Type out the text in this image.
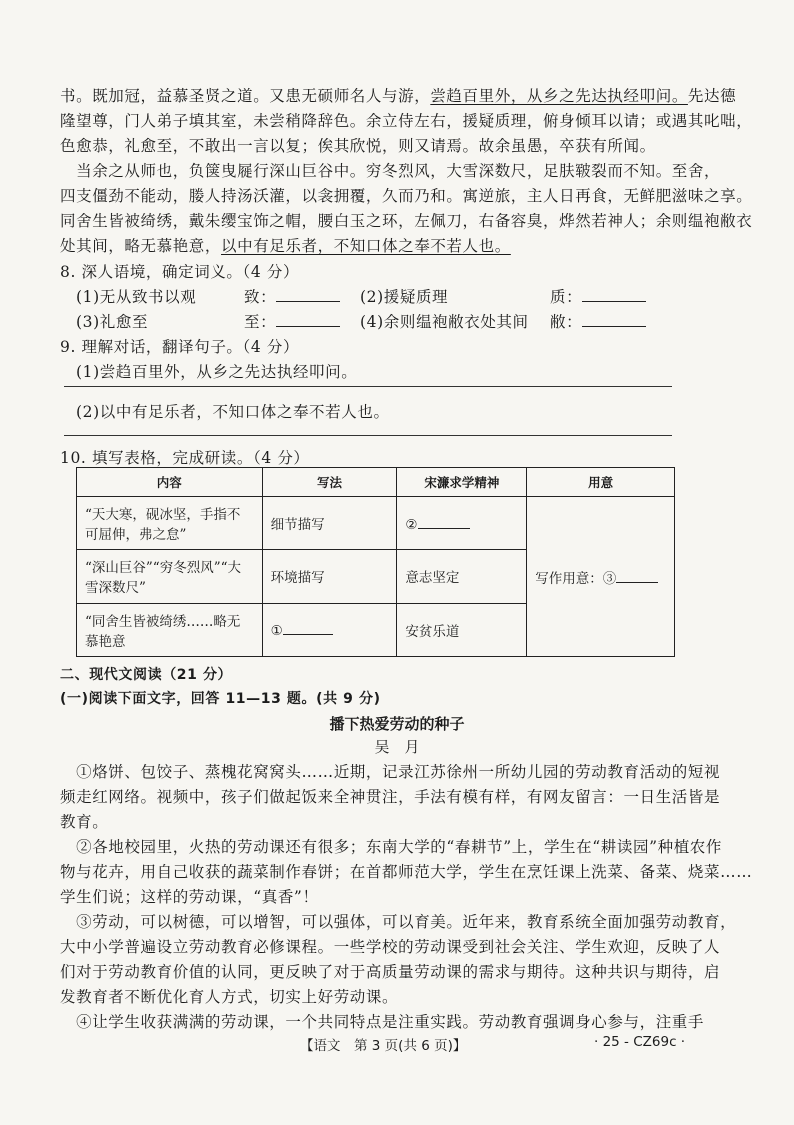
书。既加冠，益慕圣贤之道。又患无硕师名人与游，尝趋百里外，从乡之先达执经叩问。先达德
隆望尊，门人弟子填其室，未尝稍降辞色。余立侍左右，援疑质理，俯身倾耳以请；或遇其叱咄，
色愈恭，礼愈至，不敢出一言以复；俟其欣悦，则又请焉。故余虽愚，卒获有所闻。
　当余之从师也，负箧曳屣行深山巨谷中。穷冬烈风，大雪深数尺，足肤皲裂而不知。至舍，
四支僵劲不能动，媵人持汤沃灌，以衾拥覆，久而乃和。寓逆旅，主人日再食，无鲜肥滋味之享。
同舍生皆被绮绣，戴朱缨宝饰之帽，腰白玉之环，左佩刀，右备容臭，烨然若神人；余则缊袍敝衣
处其间，略无慕艳意，以中有足乐者，不知口体之奉不若人也。
8. 深人语境，确定词义。（4 分）
(1)无从致书以观	致：	(2)援疑质理	质：
(3)礼愈至	至：	(4)余则缊袍敝衣处其间 敝：
9. 理解对话，翻译句子。（4 分）
(1)尝趋百里外，从乡之先达执经叩问。
(2)以中有足乐者，不知口体之奉不若人也。
10. 填写表格，完成研读。（4 分）
内容	写法	宋濂求学精神	用意
“天大寒，砚冰坚，手指不可屈伸，弗之怠”	细节描写	②	写作用意：③
“深山巨谷”“穷冬烈风”“大雪深数尺”	环境描写	意志坚定	
“同舍生皆被绮绣……略无慕艳意	①	安贫乐道	
二、现代文阅读（21 分）
(一)阅读下面文字，回答 11—13 题。(共 9 分)
播下热爱劳动的种子
吴　月
　①烙饼、包饺子、蒸槐花窝窝头……近期，记录江苏徐州一所幼儿园的劳动教育活动的短视
频走红网络。视频中，孩子们做起饭来全神贯注，手法有模有样，有网友留言：一日生活皆是
教育。
　②各地校园里，火热的劳动课还有很多；东南大学的“春耕节”上，学生在“耕读园”种植农作
物与花卉，用自己收获的蔬菜制作春饼；在首都师范大学，学生在烹饪课上洗菜、备菜、烧菜……
学生们说；这样的劳动课，“真香”！
　③劳动，可以树德，可以增智，可以强体，可以育美。近年来，教育系统全面加强劳动教育，
大中小学普遍设立劳动教育必修课程。一些学校的劳动课受到社会关注、学生欢迎，反映了人
们对于劳动教育价值的认同，更反映了对于高质量劳动课的需求与期待。这种共识与期待，启
发教育者不断优化育人方式，切实上好劳动课。
　④让学生收获满满的劳动课，一个共同特点是注重实践。劳动教育强调身心参与，注重手
【语文　第 3 页(共 6 页)】	· 25 - CZ69c ·
